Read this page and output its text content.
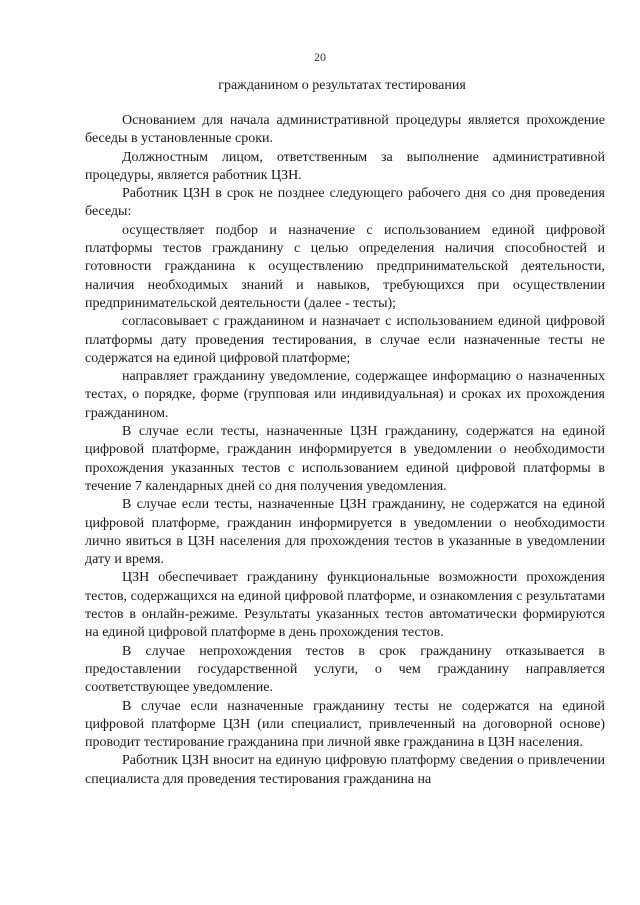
20
гражданином о результатах тестирования

Основанием для начала административной процедуры является прохождение беседы в установленные сроки.

Должностным лицом, ответственным за выполнение административной процедуры, является работник ЦЗН.

Работник ЦЗН в срок не позднее следующего рабочего дня со дня проведения беседы:

осуществляет подбор и назначение с использованием единой цифровой платформы тестов гражданину с целью определения наличия способностей и готовности гражданина к осуществлению предпринимательской деятельности, наличия необходимых знаний и навыков, требующихся при осуществлении предпринимательской деятельности (далее - тесты);

согласовывает с гражданином и назначает с использованием единой цифровой платформы дату проведения тестирования, в случае если назначенные тесты не содержатся на единой цифровой платформе;

направляет гражданину уведомление, содержащее информацию о назначенных тестах, о порядке, форме (групповая или индивидуальная) и сроках их прохождения гражданином.

В случае если тесты, назначенные ЦЗН гражданину, содержатся на единой цифровой платформе, гражданин информируется в уведомлении о необходимости прохождения указанных тестов с использованием единой цифровой платформы в течение 7 календарных дней со дня получения уведомления.

В случае если тесты, назначенные ЦЗН гражданину, не содержатся на единой цифровой платформе, гражданин информируется в уведомлении о необходимости лично явиться в ЦЗН населения для прохождения тестов в указанные в уведомлении дату и время.

ЦЗН обеспечивает гражданину функциональные возможности прохождения тестов, содержащихся на единой цифровой платформе, и ознакомления с результатами тестов в онлайн-режиме. Результаты указанных тестов автоматически формируются на единой цифровой платформе в день прохождения тестов.

В случае непрохождения тестов в срок гражданину отказывается в предоставлении государственной услуги, о чем гражданину направляется соответствующее уведомление.

В случае если назначенные гражданину тесты не содержатся на единой цифровой платформе ЦЗН (или специалист, привлеченный на договорной основе) проводит тестирование гражданина при личной явке гражданина в ЦЗН населения.

Работник ЦЗН вносит на единую цифровую платформу сведения о привлечении специалиста для проведения тестирования гражданина на
